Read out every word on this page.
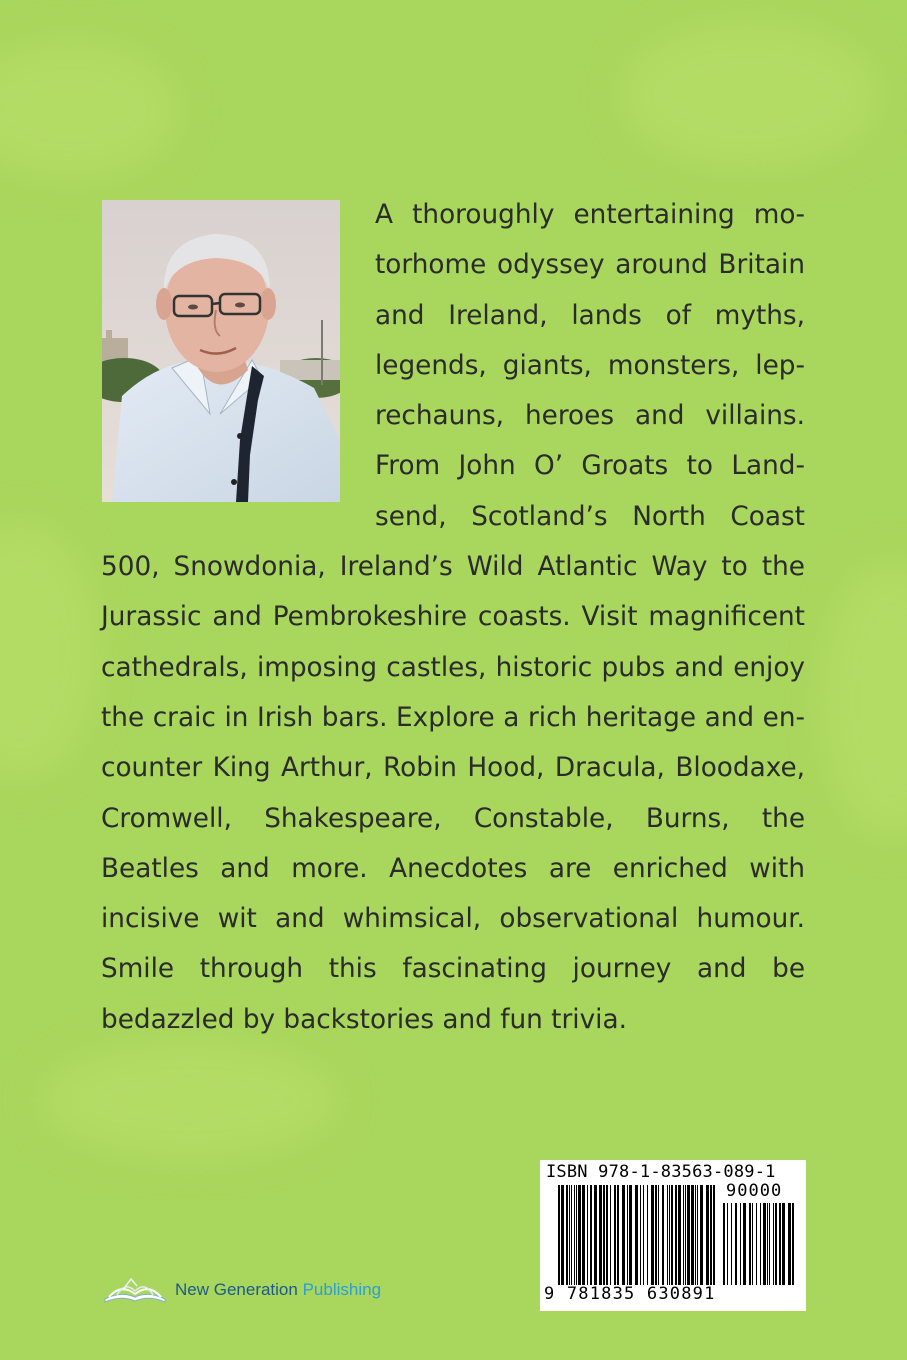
A thoroughly entertaining motorhome odyssey around Britain and Ireland, lands of myths, legends, giants, monsters, leprechauns, heroes and villains. From John O’ Groats to Landsend, Scotland’s North Coast 500, Snowdonia, Ireland’s Wild Atlantic Way to the Jurassic and Pembrokeshire coasts. Visit magnificent cathedrals, imposing castles, historic pubs and enjoy the craic in Irish bars. Explore a rich heritage and encounter King Arthur, Robin Hood, Dracula, Bloodaxe, Cromwell, Shakespeare, Constable, Burns, the Beatles and more. Anecdotes are enriched with incisive wit and whimsical, observational humour. Smile through this fascinating journey and be bedazzled by backstories and fun trivia.

ISBN 978-1-83563-089-1
90000
9 781835 630891
New Generation Publishing
